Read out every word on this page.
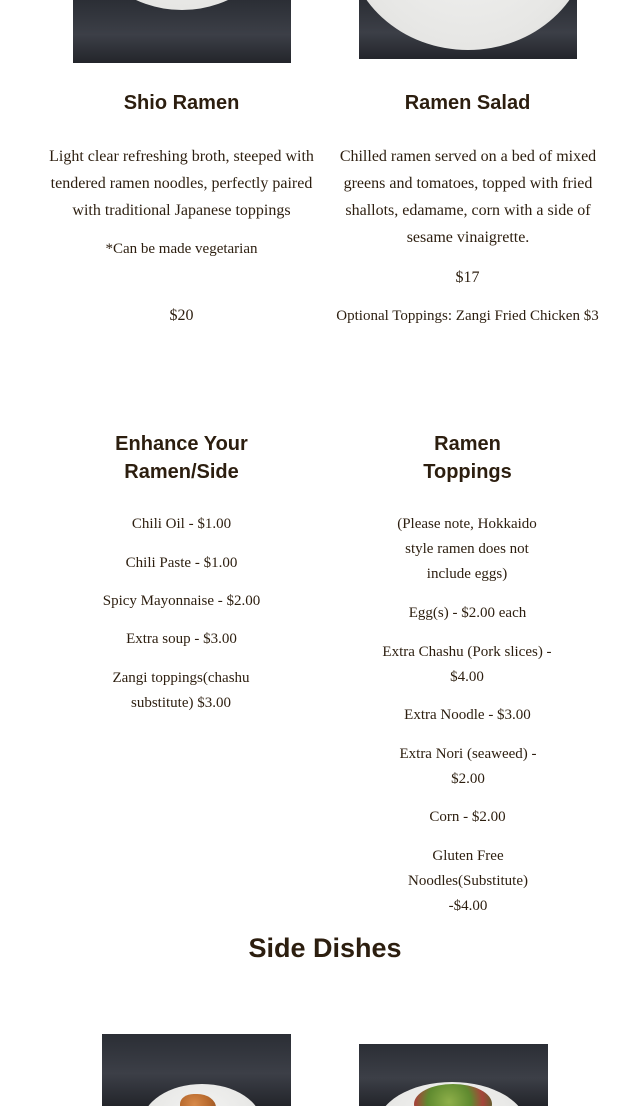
Shio Ramen
Light clear refreshing broth, steeped with tendered ramen noodles, perfectly paired with traditional Japanese toppings
*Can be made vegetarian
$20
Ramen Salad
Chilled ramen served on a bed of mixed greens and tomatoes, topped with fried shallots, edamame, corn with a side of sesame vinaigrette.
$17
Optional Toppings: Zangi Fried Chicken $3
Enhance Your
Ramen/Side
Chili Oil - $1.00
Chili Paste - $1.00
Spicy Mayonnaise - $2.00
Extra soup - $3.00
Zangi toppings(chashu substitute) $3.00
Ramen
Toppings
(Please note, Hokkaido style ramen does not include eggs)
Egg(s) - $2.00 each
Extra Chashu (Pork slices) - $4.00
Extra Noodle - $3.00
Extra Nori (seaweed) - $2.00
Corn - $2.00
Gluten Free Noodles(Substitute) -$4.00
Side Dishes
